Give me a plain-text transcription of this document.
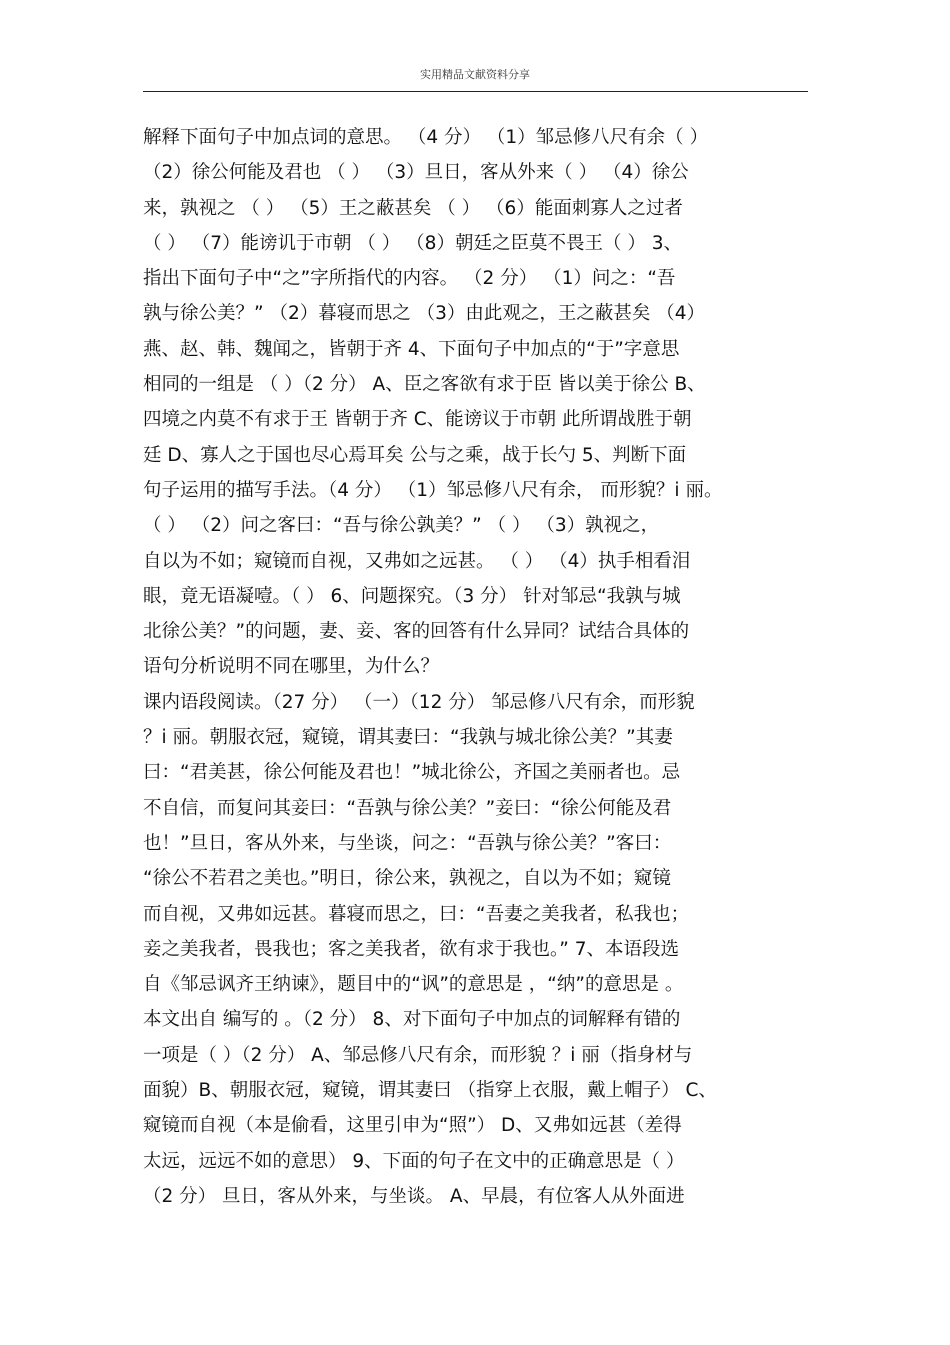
实用精品文献资料分享
解释下面句子中加点词的意思。 （4 分） （1）邹忌修八尺有余（ ）
（2）徐公何能及君也 （ ） （3）旦日，客从外来（ ） （4）徐公
来，孰视之 （ ） （5）王之蔽甚矣 （ ） （6）能面刺寡人之过者
（ ） （7）能谤讥于市朝 （ ） （8）朝廷之臣莫不畏王（ ） 3、
指出下面句子中“之”字所指代的内容。 （2 分） （1）问之：“吾
孰与徐公美？” （2）暮寝而思之 （3）由此观之，王之蔽甚矣 （4）
燕、赵、韩、魏闻之，皆朝于齐 4、下面句子中加点的“于”字意思
相同的一组是 （ ）（2 分） A、臣之客欲有求于臣 皆以美于徐公 B、
四境之内莫不有求于王 皆朝于齐 C、能谤议于市朝 此所谓战胜于朝
廷 D、寡人之于国也尽心焉耳矣 公与之乘，战于长勺 5、判断下面
句子运用的描写手法。（4 分） （1）邹忌修八尺有余， 而形貌？i 丽。
（ ） （2）问之客曰：“吾与徐公孰美？” （ ） （3）孰视之，
自以为不如；窥镜而自视，又弗如之远甚。 （ ） （4）执手相看泪
眼，竟无语凝噎。（ ） 6、问题探究。（3 分） 针对邹忌“我孰与城
北徐公美？”的问题，妻、妾、客的回答有什么异同？试结合具体的
语句分析说明不同在哪里，为什么？
课内语段阅读。（27 分） （一）（12 分） 邹忌修八尺有余，而形貌
？i 丽。朝服衣冠，窥镜，谓其妻曰：“我孰与城北徐公美？”其妻
曰：“君美甚，徐公何能及君也！”城北徐公，齐国之美丽者也。忌
不自信，而复问其妾曰：“吾孰与徐公美？”妾曰：“徐公何能及君
也！”旦日，客从外来，与坐谈，问之：“吾孰与徐公美？”客曰：
“徐公不若君之美也。”明日，徐公来，孰视之，自以为不如；窥镜
而自视，又弗如远甚。暮寝而思之，曰：“吾妻之美我者，私我也；
妾之美我者，畏我也；客之美我者，欲有求于我也。” 7、本语段选
自《邹忌讽齐王纳谏》，题目中的“讽”的意思是 ，“纳”的意思是 。
本文出自 编写的 。（2 分） 8、对下面句子中加点的词解释有错的
一项是（ ）（2 分） A、邹忌修八尺有余，而形貌 ？i 丽（指身材与
面貌）B、朝服衣冠，窥镜，谓其妻曰 （指穿上衣服，戴上帽子） C、
窥镜而自视（本是偷看，这里引申为“照”） D、又弗如远甚（差得
太远，远远不如的意思） 9、下面的句子在文中的正确意思是（ ）
（2 分） 旦日，客从外来，与坐谈。 A、早晨，有位客人从外面进
